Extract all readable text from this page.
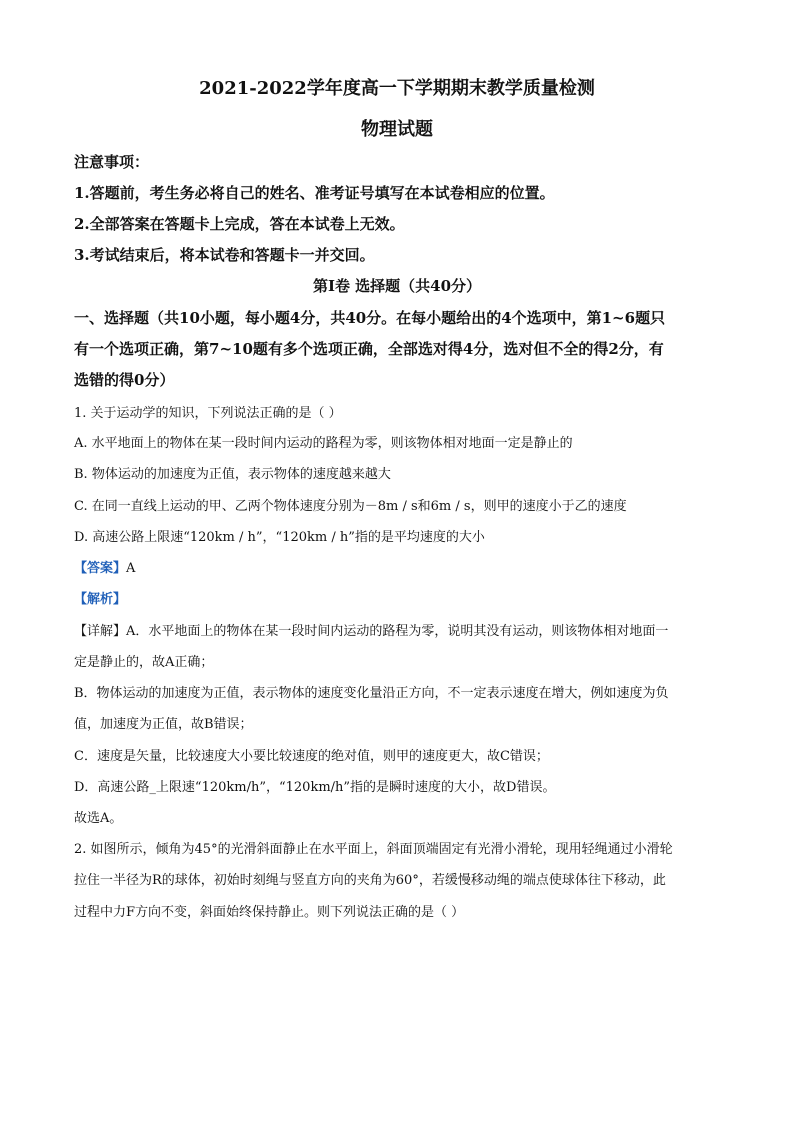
2021-2022学年度高一下学期期末教学质量检测
物理试题
注意事项：
1.答题前，考生务必将自己的姓名、准考证号填写在本试卷相应的位置。
2.全部答案在答题卡上完成，答在本试卷上无效。
3.考试结束后，将本试卷和答题卡一并交回。
第Ⅰ卷 选择题（共40分）
一、选择题（共10小题，每小题4分，共40分。在每小题给出的4个选项中，第1~6题只
有一个选项正确，第7~10题有多个选项正确，全部选对得4分，选对但不全的得2分，有
选错的得0分）
1. 关于运动学的知识，下列说法正确的是（ ）
A. 水平地面上的物体在某一段时间内运动的路程为零，则该物体相对地面一定是静止的
B. 物体运动的加速度为正值，表示物体的速度越来越大
C. 在同一直线上运动的甲、乙两个物体速度分别为－8m / s和6m / s，则甲的速度小于乙的速度
D. 高速公路上限速“120km / h”，“120km / h”指的是平均速度的大小
【答案】A
【解析】
【详解】A．水平地面上的物体在某一段时间内运动的路程为零，说明其没有运动，则该物体相对地面一
定是静止的，故A正确；
B．物体运动的加速度为正值，表示物体的速度变化量沿正方向，不一定表示速度在增大，例如速度为负
值，加速度为正值，故B错误；
C．速度是矢量，比较速度大小要比较速度的绝对值，则甲的速度更大，故C错误；
D．高速公路_上限速“120km/h”，“120km/h”指的是瞬时速度的大小，故D错误。
故选A。
2. 如图所示，倾角为45°的光滑斜面静止在水平面上，斜面顶端固定有光滑小滑轮，现用轻绳通过小滑轮
拉住一半径为R的球体，初始时刻绳与竖直方向的夹角为60°，若缓慢移动绳的端点使球体往下移动，此
过程中力F方向不变，斜面始终保持静止。则下列说法正确的是（ ）
